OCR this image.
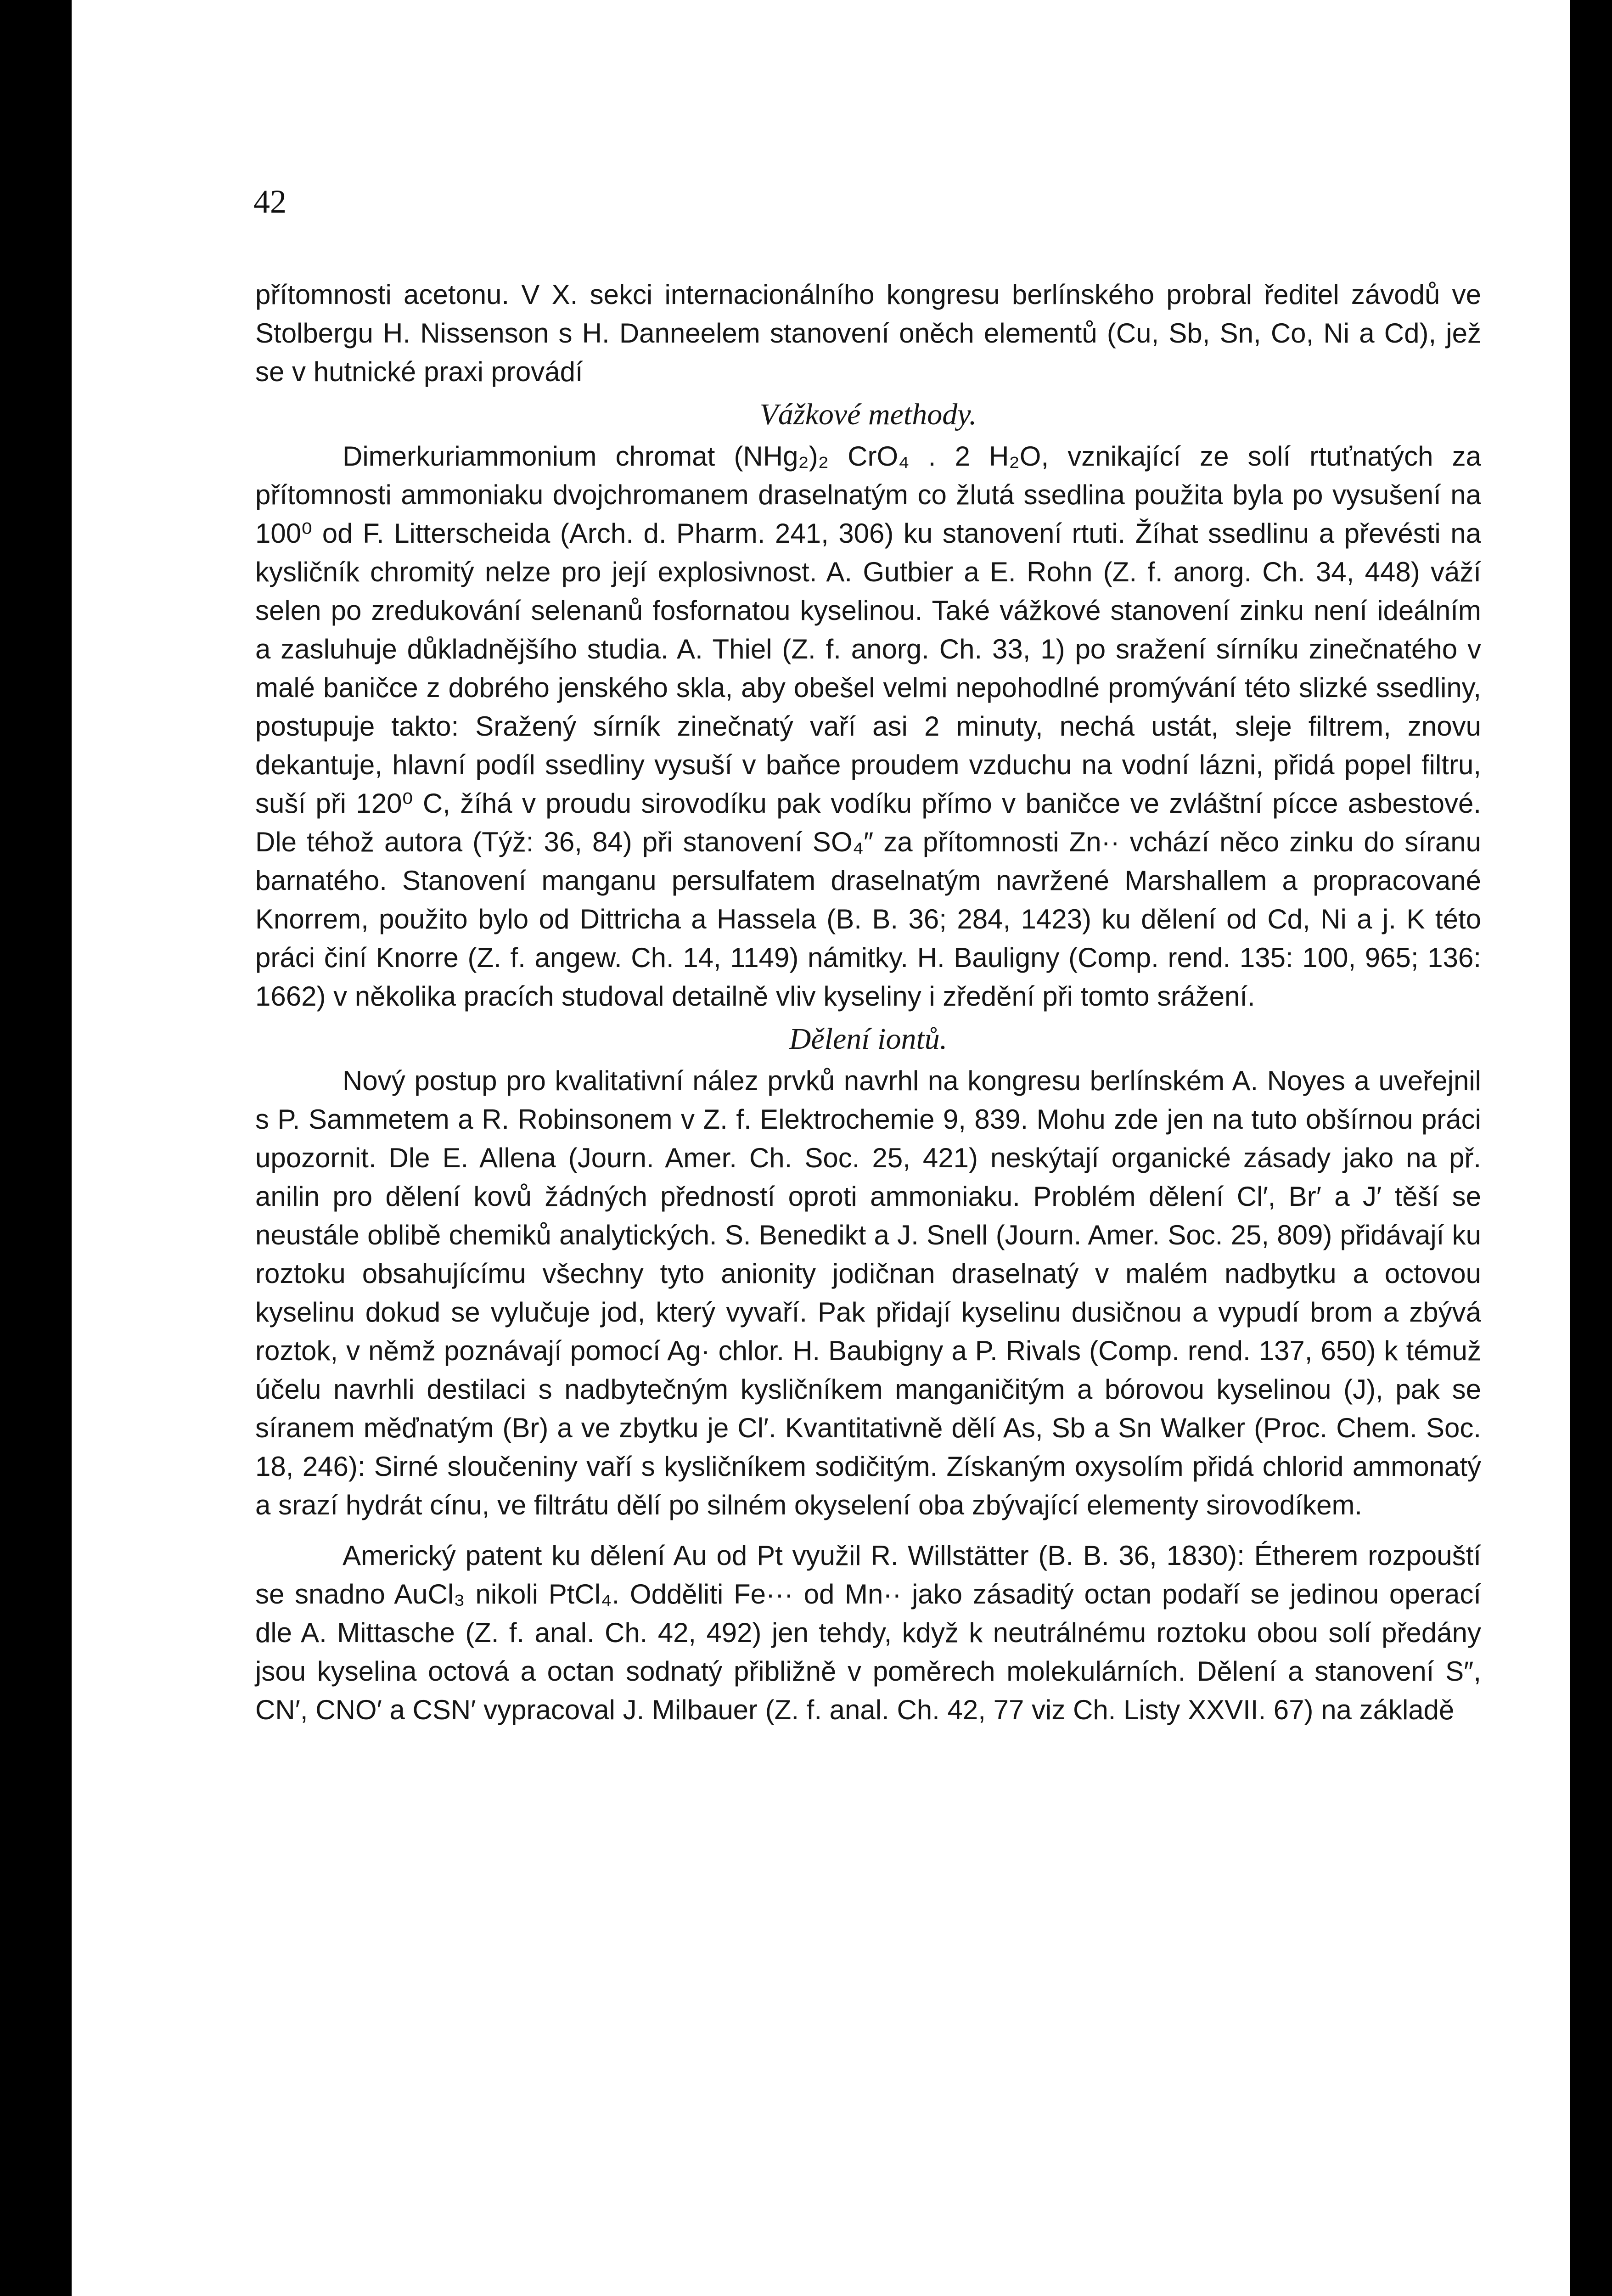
42

přítomnosti acetonu. V X. sekci internacionálního kongresu berlínského probral ředitel závodů ve Stolbergu H. Nissenson s H. Danneelem stanovení oněch elementů (Cu, Sb, Sn, Co, Ni a Cd), jež se v hutnické praxi provádí

Vážkové methody.

Dimerkuriammonium chromat (NHg₂)₂ CrO₄ . 2 H₂O, vznikající ze solí rtuťnatých za přítomnosti ammoniaku dvojchromanem draselnatým co žlutá ssedlina použita byla po vysušení na 100⁰ od F. Litterscheida (Arch. d. Pharm. 241, 306) ku stanovení rtuti. Žíhat ssedlinu a převésti na kysličník chromitý nelze pro její explosivnost. A. Gutbier a E. Rohn (Z. f. anorg. Ch. 34, 448) váží selen po zredukování selenanů fosfornatou kyselinou. Také vážkové stanovení zinku není ideálním a zasluhuje důkladnějšího studia. A. Thiel (Z. f. anorg. Ch. 33, 1) po sražení sírníku zinečnatého v malé baničce z dobrého jenského skla, aby obešel velmi nepohodlné promývání této slizké ssedliny, postupuje takto: Sražený sírník zinečnatý vaří asi 2 minuty, nechá ustát, sleje filtrem, znovu dekantuje, hlavní podíl ssedliny vysuší v baňce proudem vzduchu na vodní lázni, přidá popel filtru, suší při 120⁰ C, žíhá v proudu sirovodíku pak vodíku přímo v baničce ve zvláštní pícce asbestové. Dle téhož autora (Týž: 36, 84) při stanovení SO₄″ za přítomnosti Zn·· vchází něco zinku do síranu barnatého. Stanovení manganu persulfatem draselnatým navržené Marshallem a propracované Knorrem, použito bylo od Dittricha a Hassela (B. B. 36; 284, 1423) ku dělení od Cd, Ni a j. K této práci činí Knorre (Z. f. angew. Ch. 14, 1149) námitky. H. Bauligny (Comp. rend. 135: 100, 965; 136: 1662) v několika pracích studoval detailně vliv kyseliny i zředění při tomto srážení.

Dělení iontů.

Nový postup pro kvalitativní nález prvků navrhl na kongresu berlínském A. Noyes a uveřejnil s P. Sammetem a R. Robinsonem v Z. f. Elektrochemie 9, 839. Mohu zde jen na tuto obšírnou práci upozornit. Dle E. Allena (Journ. Amer. Ch. Soc. 25, 421) neskýtají organické zásady jako na př. anilin pro dělení kovů žádných předností oproti ammoniaku. Problém dělení Cl′, Br′ a J′ těší se neustále oblibě chemiků analytických. S. Benedikt a J. Snell (Journ. Amer. Soc. 25, 809) přidávají ku roztoku obsahujícímu všechny tyto anionity jodičnan draselnatý v malém nadbytku a octovou kyselinu dokud se vylučuje jod, který vyvaří. Pak přidají kyselinu dusičnou a vypudí brom a zbývá roztok, v němž poznávají pomocí Ag· chlor. H. Baubigny a P. Rivals (Comp. rend. 137, 650) k témuž účelu navrhli destilaci s nadbytečným kysličníkem manganičitým a bórovou kyselinou (J), pak se síranem měďnatým (Br) a ve zbytku je Cl′. Kvantitativně dělí As, Sb a Sn Walker (Proc. Chem. Soc. 18, 246): Sirné sloučeniny vaří s kysličníkem sodičitým. Získaným oxysolím přidá chlorid ammonatý a srazí hydrát cínu, ve filtrátu dělí po silném okyselení oba zbývající elementy sirovodíkem.

Americký patent ku dělení Au od Pt využil R. Willstätter (B. B. 36, 1830): Étherem rozpouští se snadno AuCl₃ nikoli PtCl₄. Odděliti Fe··· od Mn·· jako zásaditý octan podaří se jedinou operací dle A. Mittasche (Z. f. anal. Ch. 42, 492) jen tehdy, když k neutrálnému roztoku obou solí předány jsou kyselina octová a octan sodnatý přibližně v poměrech molekulárních. Dělení a stanovení S″, CN′, CNO′ a CSN′ vypracoval J. Milbauer (Z. f. anal. Ch. 42, 77 viz Ch. Listy XXVII. 67) na základě
